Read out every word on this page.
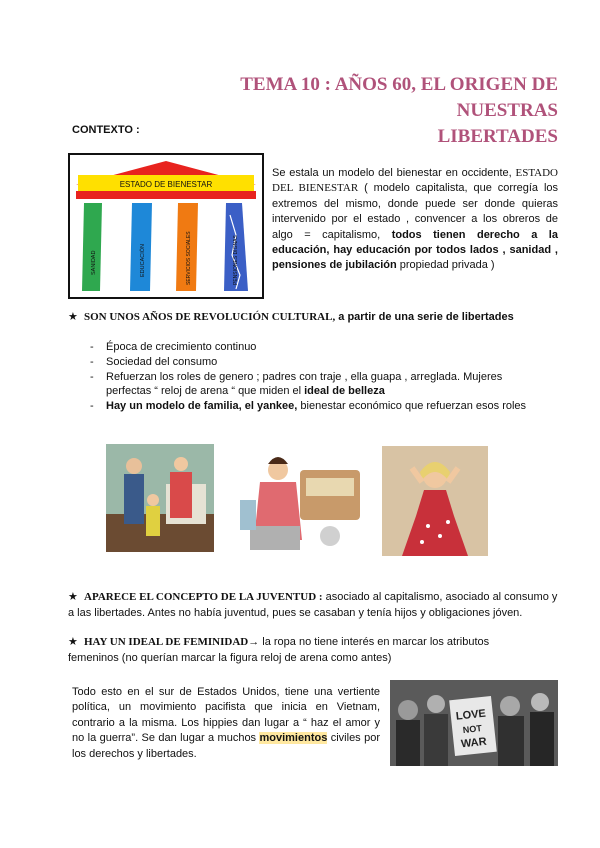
TEMA 10 : AÑOS 60, EL ORIGEN DE NUESTRAS
LIBERTADES
CONTEXTO :
ESTADO DE BIENESTAR
SANIDAD	EDUCACIÓN	SERVICIOS SOCIALES	PENSIONES DIGNAS
Se estala un modelo del bienestar en occidente, ESTADO DEL BIENESTAR ( modelo capitalista, que corregía los extremos del mismo, donde puede ser donde quieras intervenido por el estado , convencer a los obreros de algo = capitalismo, todos tienen derecho a la educación, hay educación por todos lados , sanidad , pensiones de jubilación propiedad privada )
★ SON UNOS AÑOS DE REVOLUCIÓN CULTURAL, a partir de una serie de libertades
- Época de crecimiento continuo
- Sociedad del consumo
- Refuerzan los roles de genero ; padres con traje , ella guapa , arreglada. Mujeres perfectas “ reloj de arena “ que miden el ideal de belleza
- Hay un modelo de familia, el yankee, bienestar económico que refuerzan esos roles
★ APARECE EL CONCEPTO DE LA JUVENTUD : asociado al capitalismo, asociado al consumo y a las libertades. Antes no había juventud, pues se casaban y tenía hijos y obligaciones jóven.
★ HAY UN IDEAL DE FEMINIDAD→ la ropa no tiene interés en marcar los atributos femeninos (no querían marcar la figura reloj de arena como antes)
Todo esto en el sur de Estados Unidos, tiene una vertiente política, un movimiento pacifista que inicia en Vietnam, contrario a la misma. Los hippies dan lugar a “ haz el amor y no la guerra”. Se dan lugar a muchos movimientos civiles por los derechos y libertades.
LOVE
NOT
WAR
